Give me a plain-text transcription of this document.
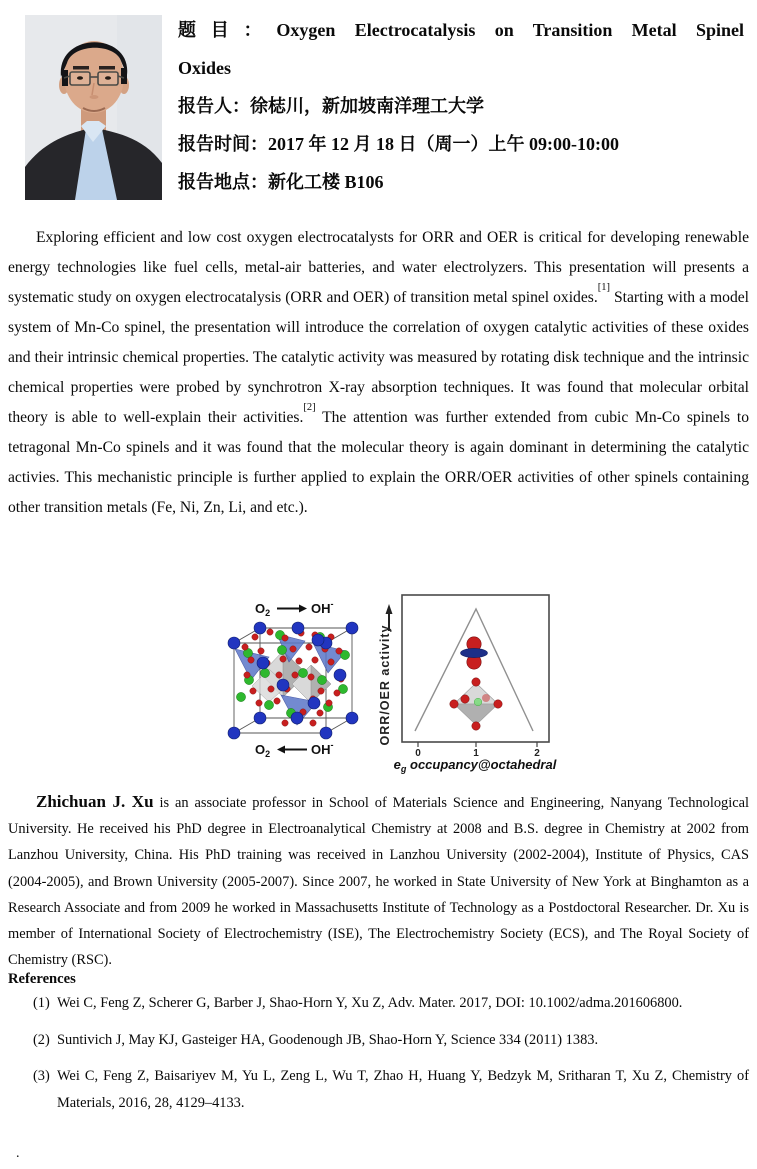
题目：Oxygen Electrocatalysis on Transition Metal Spinel
Oxides
报告人：徐梽川，新加坡南洋理工大学
报告时间：2017 年 12 月 18 日（周一）上午 09:00-10:00
报告地点：新化工楼 B106

Exploring efficient and low cost oxygen electrocatalysts for ORR and OER is critical for developing renewable energy technologies like fuel cells, metal-air batteries, and water electrolyzers. This presentation will presents a systematic study on oxygen electrocatalysis (ORR and OER) of transition metal spinel oxides.[1] Starting with a model system of Mn-Co spinel, the presentation will introduce the correlation of oxygen catalytic activities of these oxides and their intrinsic chemical properties. The catalytic activity was measured by rotating disk technique and the intrinsic chemical properties were probed by synchrotron X-ray absorption techniques. It was found that molecular orbital theory is able to well-explain their activities.[2] The attention was further extended from cubic Mn-Co spinels to tetragonal Mn-Co spinels and it was found that the molecular theory is again dominant in determining the catalytic activies. This mechanistic principle is further applied to explain the ORR/OER activities of other spinels containing other transition metals (Fe, Ni, Zn, Li, and etc.).

$O_2$	OH-
$O_2$	OH-	ORR/OER activity
0	1	2
$e_g$ occupancy@octahedral

Zhichuan J. Xu is an associate professor in School of Materials Science and Engineering, Nanyang Technological University. He received his PhD degree in Electroanalytical Chemistry at 2008 and B.S. degree in Chemistry at 2002 from Lanzhou University, China. His PhD training was received in Lanzhou University (2002-2004), Institute of Physics, CAS (2004-2005), and Brown University (2005-2007). Since 2007, he worked in State University of New York at Binghamton as a Research Associate and from 2009 he worked in Massachusetts Institute of Technology as a Postdoctoral Researcher. Dr. Xu is member of International Society of Electrochemistry (ISE), The Electrochemistry Society (ECS), and The Royal Society of Chemistry (RSC).

References
(1) Wei C, Feng Z, Scherer G, Barber J, Shao-Horn Y, Xu Z, Adv. Mater. 2017, DOI: 10.1002/adma.201606800.
(2) Suntivich J, May KJ, Gasteiger HA, Goodenough JB, Shao-Horn Y, Science 334 (2011) 1383.
(3) Wei C, Feng Z, Baisariyev M, Yu L, Zeng L, Wu T, Zhao H, Huang Y, Bedzyk M, Sritharan T, Xu Z, Chemistry of Materials, 2016, 28, 4129–4133.
.
